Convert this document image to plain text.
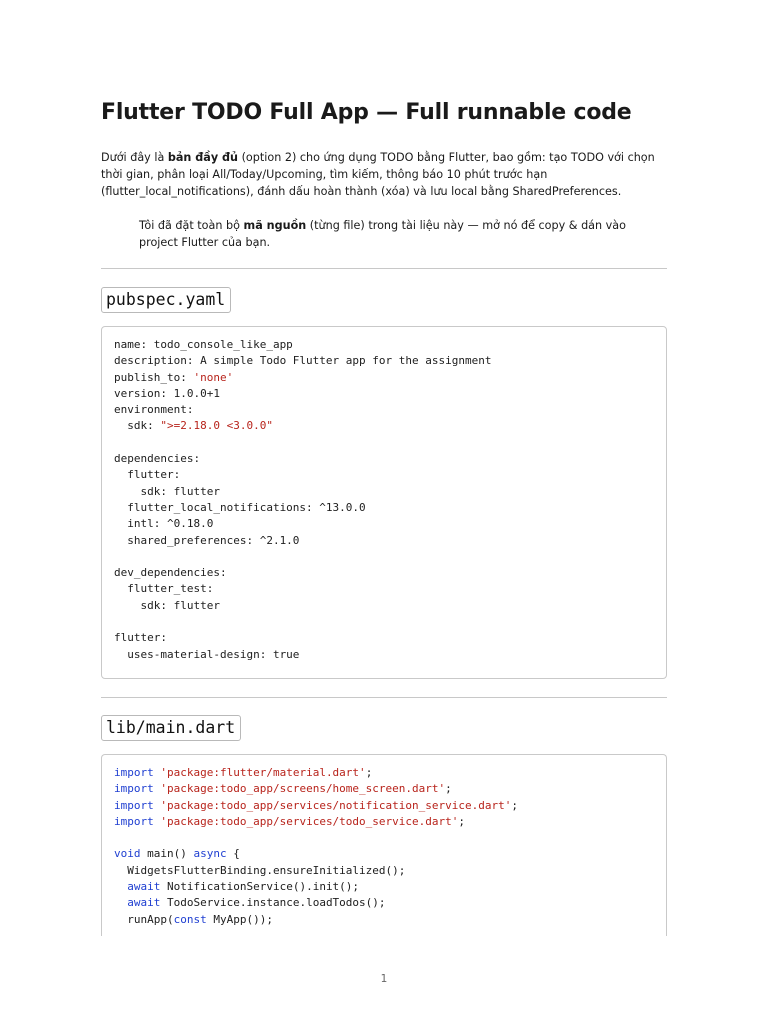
Flutter TODO Full App — Full runnable code

Dưới đây là bản đầy đủ (option 2) cho ứng dụng TODO bằng Flutter, bao gồm: tạo TODO với chọn thời gian, phân loại All/Today/Upcoming, tìm kiếm, thông báo 10 phút trước hạn (flutter_local_notifications), đánh dấu hoàn thành (xóa) và lưu local bằng SharedPreferences.

Tôi đã đặt toàn bộ mã nguồn (từng file) trong tài liệu này — mở nó để copy & dán vào project Flutter của bạn.

pubspec.yaml
name: todo_console_like_app
description: A simple Todo Flutter app for the assignment
publish_to: 'none'
version: 1.0.0+1
environment:
sdk: ">=2.18.0 <3.0.0"

dependencies:
flutter:
sdk: flutter
flutter_local_notifications: ^13.0.0
intl: ^0.18.0
shared_preferences: ^2.1.0

dev_dependencies:
flutter_test:
sdk: flutter

flutter:
uses-material-design: true
lib/main.dart
import 'package:flutter/material.dart';
import 'package:todo_app/screens/home_screen.dart';
import 'package:todo_app/services/notification_service.dart';
import 'package:todo_app/services/todo_service.dart';

void main() async {
WidgetsFlutterBinding.ensureInitialized();
await NotificationService().init();
await TodoService.instance.loadTodos();
runApp(const MyApp());
1
